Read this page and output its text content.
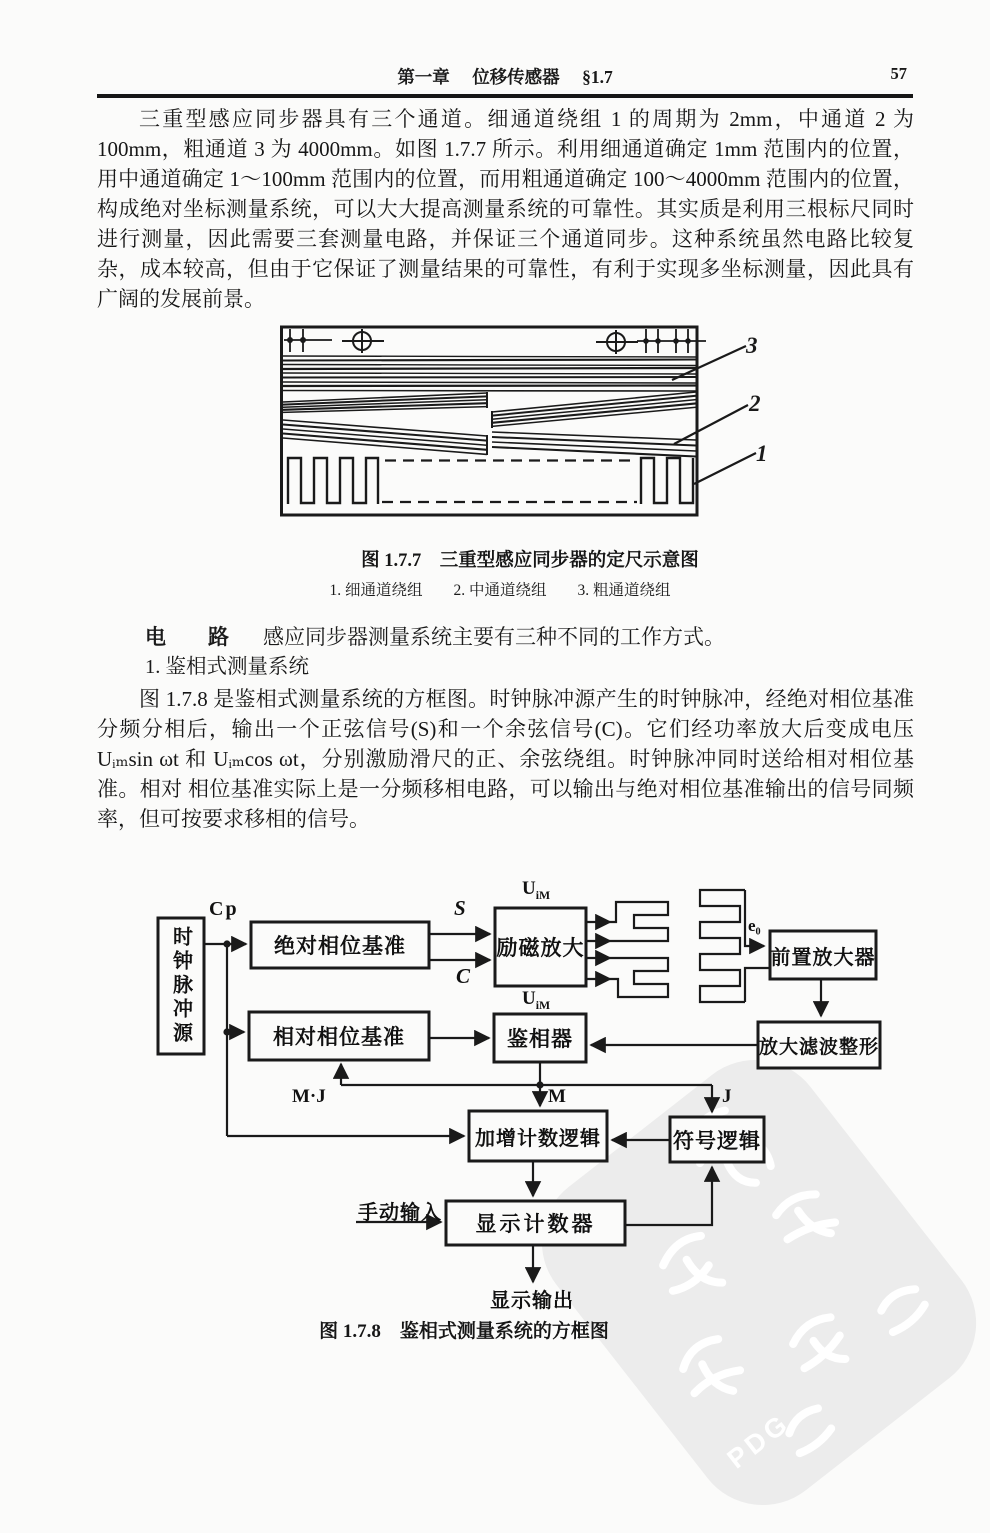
PDG
第一章 位移传感器 §1.7	57

三重型感应同步器具有三个通道。细通道绕组 1 的周期为 2mm，中通道 2 为 100mm，粗通道 3 为 4000mm。如图 1.7.7 所示。利用细通道确定 1mm 范围内的位置，用中通道确定 1～100mm 范围内的位置，而用粗通道确定 100～4000mm 范围内的位置，构成绝对坐标测量系统，可以大大提高测量系统的可靠性。其实质是利用三根标尺同时进行测量，因此需要三套测量电路，并保证三个通道同步。这种系统虽然电路比较复杂，成本较高，但由于它保证了测量结果的可靠性，有利于实现多坐标测量，因此具有广阔的发展前景。

3
2
1
图 1.7.7　三重型感应同步器的定尺示意图
1. 细通道绕组　　2. 中通道绕组　　3. 粗通道绕组
电　　路 感应同步器测量系统主要有三种不同的工作方式。
1. 鉴相式测量系统

图 1.7.8 是鉴相式测量系统的方框图。时钟脉冲源产生的时钟脉冲，经绝对相位基准分频分相后，输出一个正弦信号(S)和一个余弦信号(C)。它们经功率放大后变成电压 Uᵢₘsin ωt 和 Uᵢₘcos ωt，分别激励滑尺的正、余弦绕组。时钟脉冲同时送给相对相位基准。相对 相位基准实际上是一分频移相电路，可以输出与绝对相位基准输出的信号同频率，但可按要求移相的信号。

时钟脉冲源	绝对相位基准	励磁放大	前置放大器
相对相位基准	鉴相器	放大滤波整形
加增计数逻辑	符号逻辑
显示计数器
Cp	S
C
$U_{iM}$
$U_{iM}$
e₀
M·J	M	J
手动输入
显示输出
图 1.7.8　鉴相式测量系统的方框图
